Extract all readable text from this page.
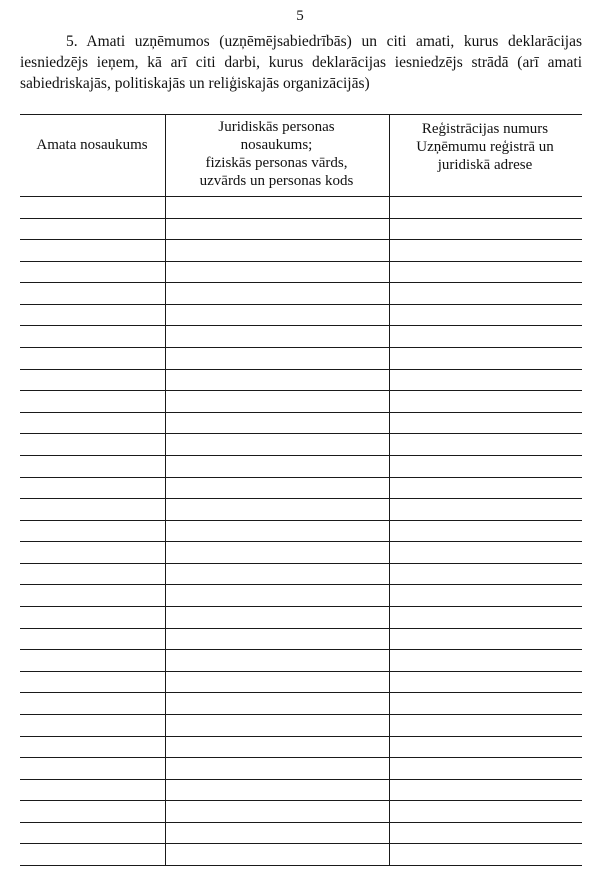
5

5. Amati uzņēmumos (uzņēmējsabiedrībās) un citi amati, kurus deklarācijas iesniedzējs ieņem, kā arī citi darbi, kurus deklarācijas iesniedzējs strādā (arī amati sabiedriskajās, politiskajās un reliģiskajās organizācijās)

Amata nosaukums
Juridiskās personas
nosaukums;
fiziskās personas vārds,
uzvārds un personas kods
Reģistrācijas numurs
Uzņēmumu reģistrā un
juridiskā adrese
